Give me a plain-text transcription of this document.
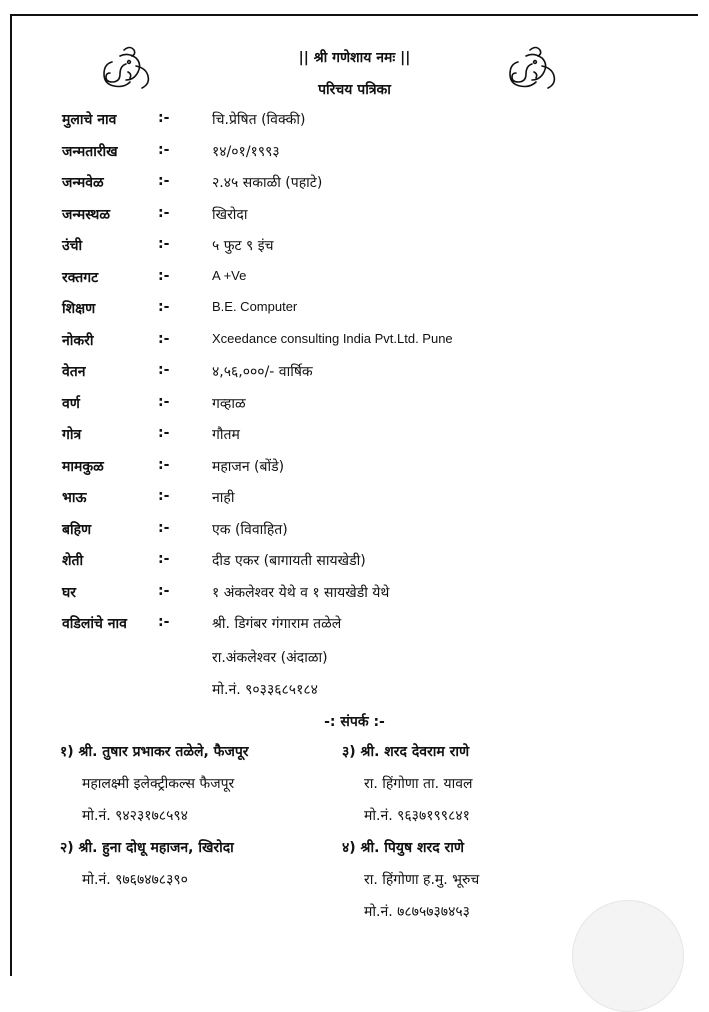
|| श्री गणेशाय नमः ||
परिचय पत्रिका
मुलाचे नाव	:-	चि.प्रेषित (विक्की)
जन्मतारीख	:-	१४/०१/१९९३
जन्मवेळ	:-	२.४५ सकाळी (पहाटे)
जन्मस्थळ	:-	खिरोदा
उंची	:-	५ फुट ९ इंच
रक्तगट	:-	A +Ve
शिक्षण	:-	B.E. Computer
नोकरी	:-	Xceedance consulting India Pvt.Ltd. Pune
वेतन	:-	४,५६,०००/- वार्षिक
वर्ण	:-	गव्हाळ
गोत्र	:-	गौतम
मामकुळ	:-	महाजन (बोंडे)
भाऊ	:-	नाही
बहिण	:-	एक (विवाहित)
शेती	:-	दीड एकर (बागायती सायखेडी)
घर	:-	१ अंकलेश्वर येथे व १ सायखेडी येथे
वडिलांचे नाव :-	श्री. डिगंबर गंगाराम तळेले
रा.अंकलेश्वर (अंदाळा)
मो.नं. ९०३३६८५१८४
-: संपर्क :-
१) श्री. तुषार प्रभाकर तळेले, फैजपूर
महालक्ष्मी इलेक्ट्रीकल्स फैजपूर
मो.नं. ९४२३१७८५९४
२) श्री. हुना दोधू महाजन, खिरोदा
मो.नं. ९७६७४७८३९०
३) श्री. शरद देवराम राणे
रा. हिंगोणा ता. यावल
मो.नं. ९६३७१९९८४१
४) श्री. पियुष शरद राणे
रा. हिंगोणा ह.मु. भूरुच
मो.नं. ७८७५७३७४५३
